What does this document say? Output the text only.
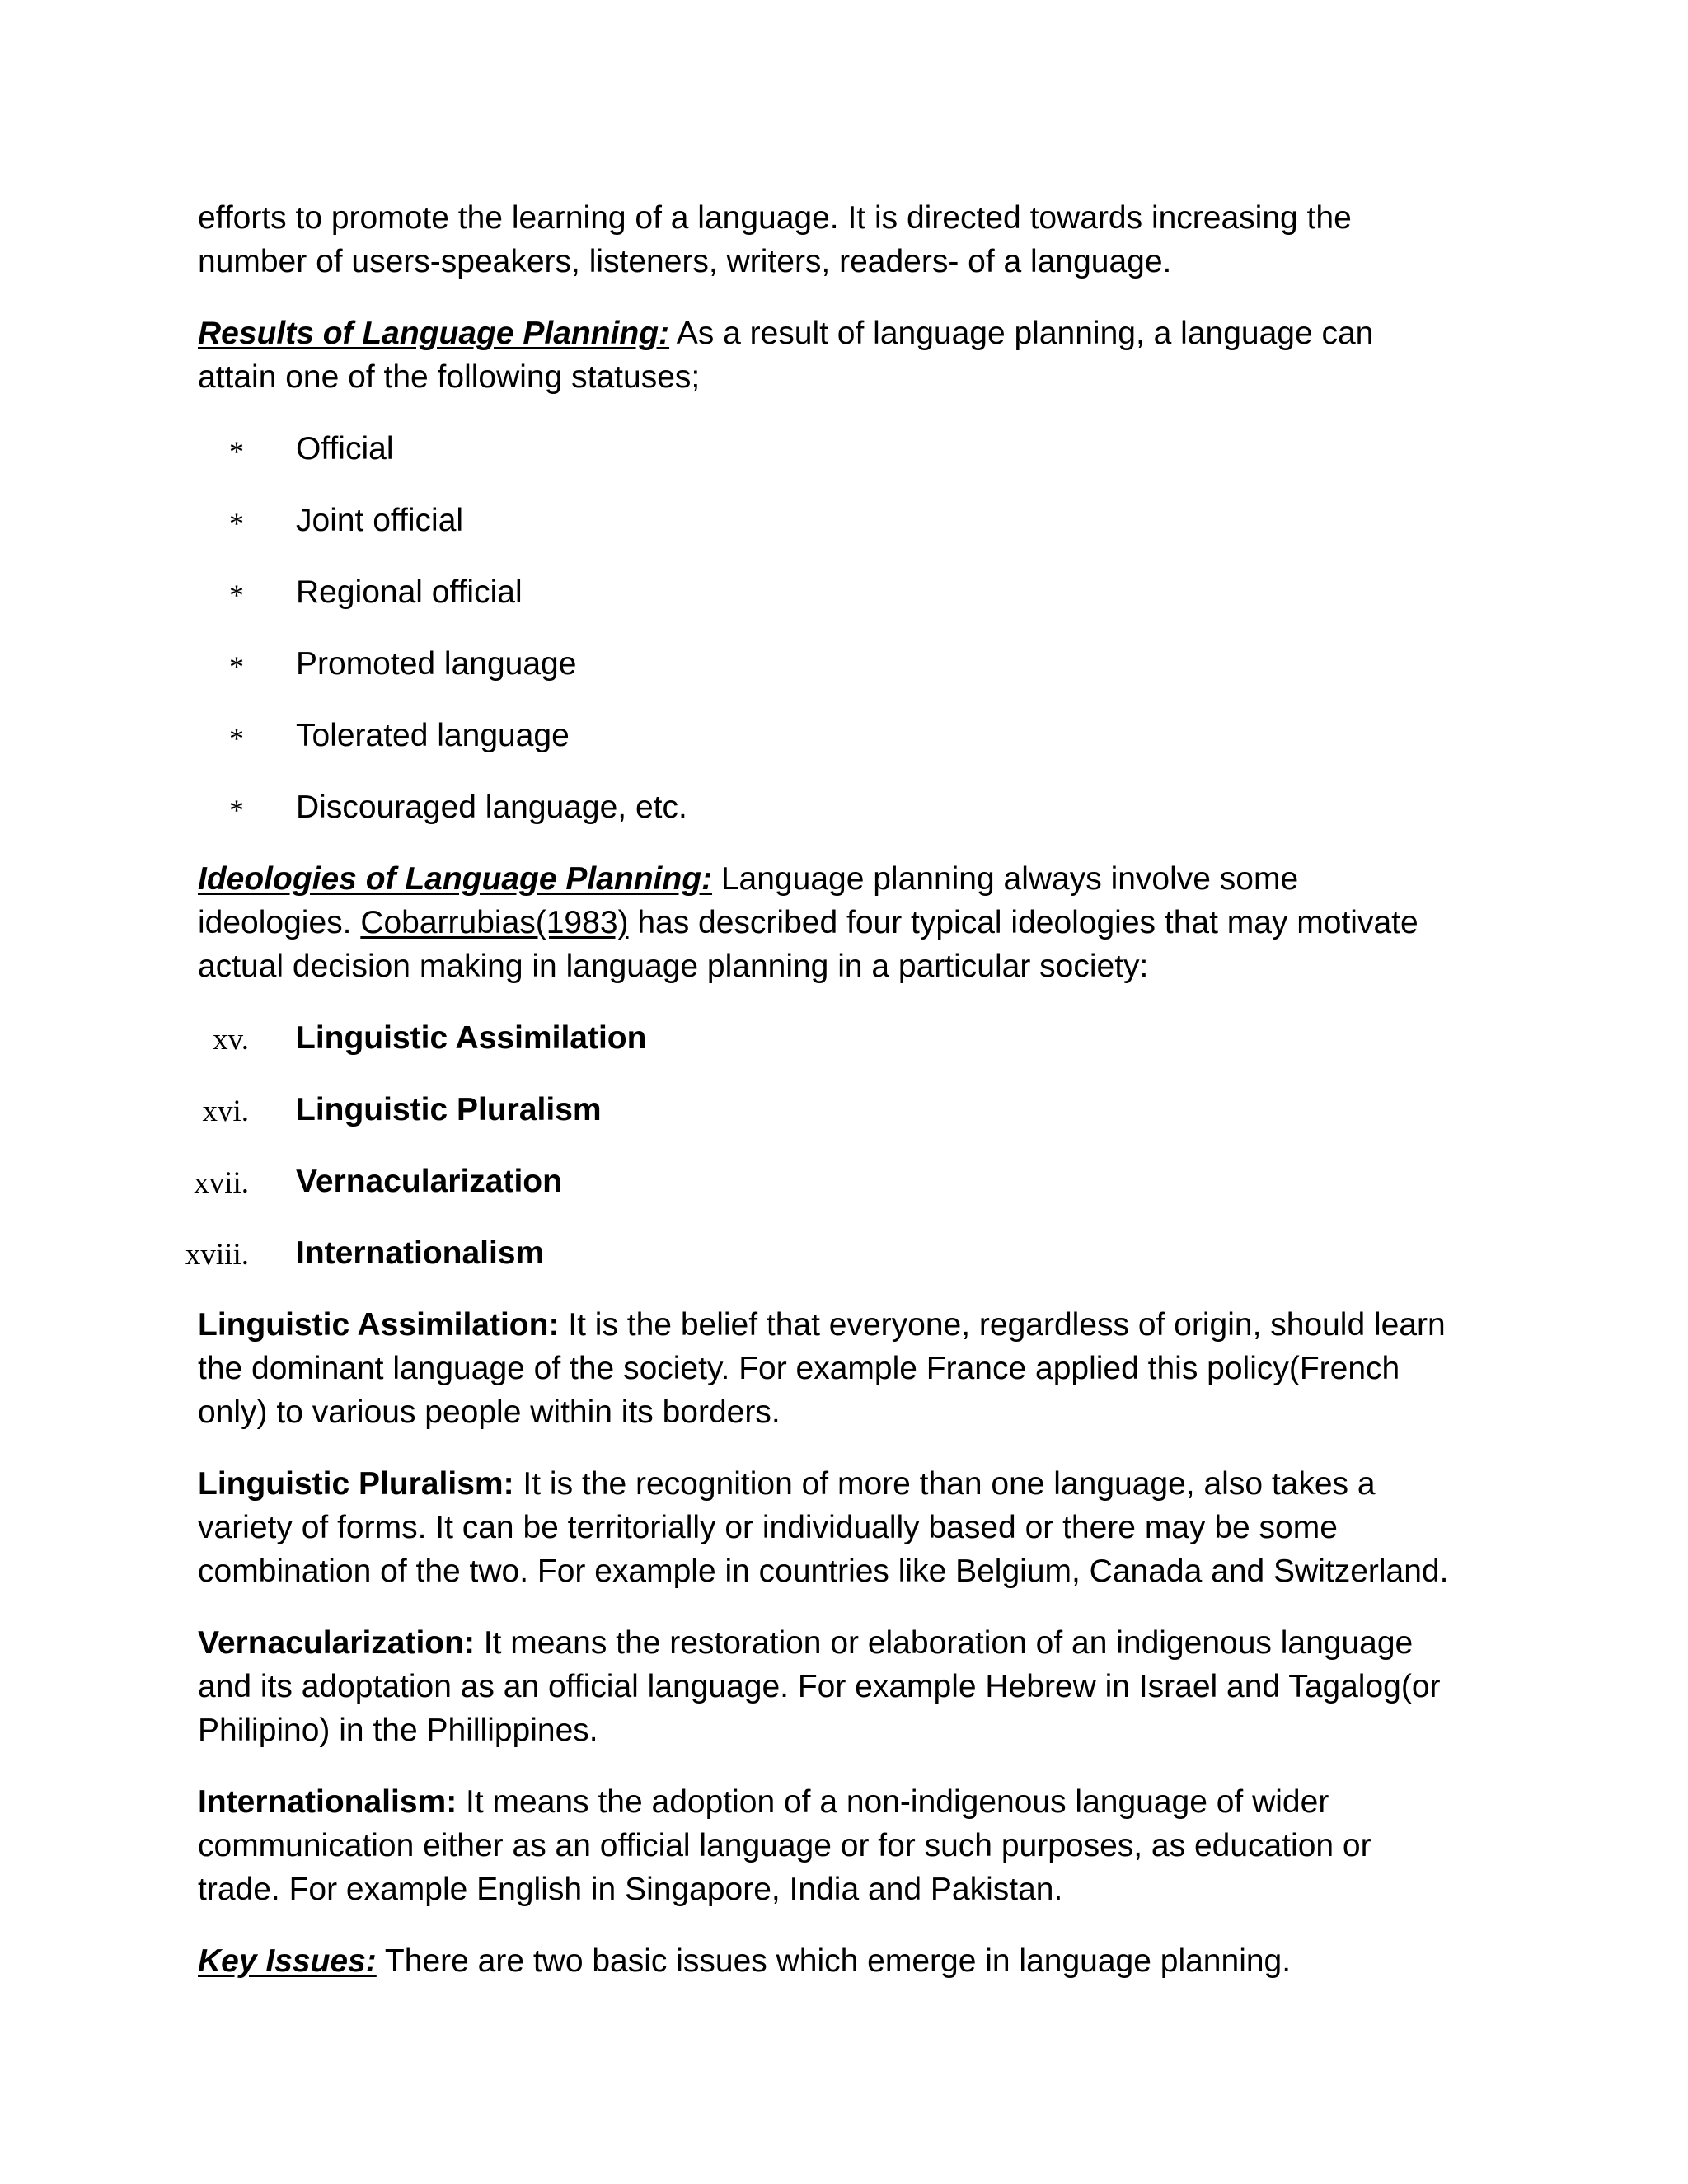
efforts to promote the learning of a language. It is directed towards increasing the
number of users-speakers, listeners, writers, readers- of a language.

Results of Language Planning: As a result of language planning, a language can
attain one of the following statuses;

* Official
* Joint official
* Regional official
* Promoted language
* Tolerated language
* Discouraged language, etc.

Ideologies of Language Planning: Language planning always involve some
ideologies. Cobarrubias(1983) has described four typical ideologies that may motivate
actual decision making in language planning in a particular society:

xv. Linguistic Assimilation
xvi. Linguistic Pluralism
xvii. Vernacularization
xviii. Internationalism

Linguistic Assimilation: It is the belief that everyone, regardless of origin, should learn
the dominant language of the society. For example France applied this policy(French
only) to various people within its borders.

Linguistic Pluralism: It is the recognition of more than one language, also takes a
variety of forms. It can be territorially or individually based or there may be some
combination of the two. For example in countries like Belgium, Canada and Switzerland.

Vernacularization: It means the restoration or elaboration of an indigenous language
and its adoptation as an official language. For example Hebrew in Israel and Tagalog(or
Philipino) in the Phillippines.

Internationalism: It means the adoption of a non-indigenous language of wider
communication either as an official language or for such purposes, as education or
trade. For example English in Singapore, India and Pakistan.

Key Issues: There are two basic issues which emerge in language planning.
